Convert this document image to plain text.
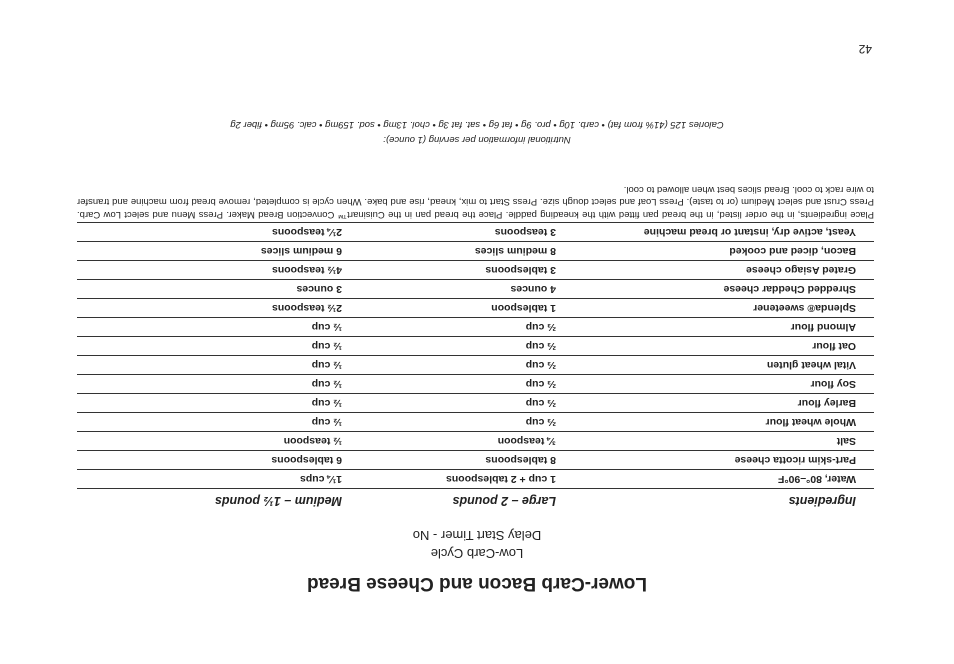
Lower-Carb Bacon and Cheese Bread
Low-Carb Cycle
Delay Start Timer - No
Ingredients	Large – 2 pounds	Medium – 1½ pounds
Water, 80°–90°F	1 cup + 2 tablespoons	1¼ cups
Part-skim ricotta cheese	8 tablespoons	6 tablespoons
Salt	¾ teaspoon	½ teaspoon
Whole wheat flour	⅔ cup	½ cup
Barley flour	⅔ cup	½ cup
Soy flour	⅔ cup	½ cup
Vital wheat gluten	⅔ cup	½ cup
Oat flour	⅔ cup	½ cup
Almond flour	⅔ cup	½ cup
Splenda® sweetener	1 tablespoon	2½ teaspoons
Shredded Cheddar cheese	4 ounces	3 ounces
Grated Asiago cheese	3 tablespoons	4½ teaspoons
Bacon, diced and cooked	8 medium slices	6 medium slices
Yeast, active dry, instant or bread machine	3 teaspoons	2¼ teaspoons
Place ingredients, in the order listed, in the bread pan fitted with the kneading paddle. Place the bread pan in the Cuisinart™ Convection Bread Maker. Press Menu and select Low Carb. Press Crust and select Medium (or to taste). Press Loaf and select dough size. Press Start to mix, knead, rise and bake. When cycle is completed, remove bread from machine and transfer to wire rack to cool. Bread slices best when allowed to cool.
Nutritional information per serving (1 ounce):
Calories 125 (41% from fat) • carb. 10g • pro. 9g • fat 6g • sat. fat 3g • chol. 13mg • sod. 159mg • calc. 95mg • fiber 2g
42
